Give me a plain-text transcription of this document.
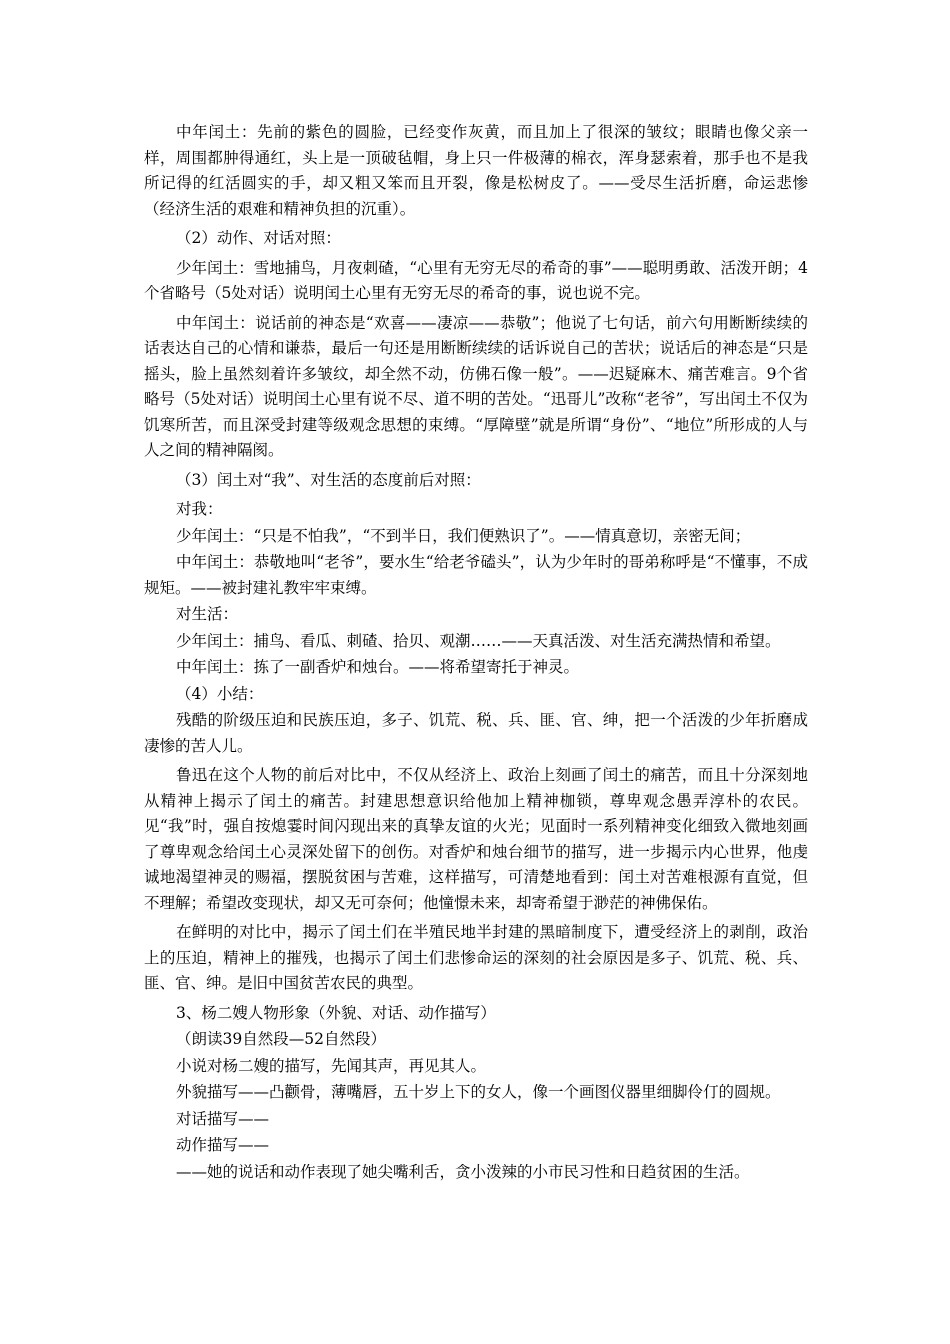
中年闰土：先前的紫色的圆脸，已经变作灰黄，而且加上了很深的皱纹；眼睛也像父亲一样，周围都肿得通红，头上是一顶破毡帽，身上只一件极薄的棉衣，浑身瑟索着，那手也不是我所记得的红活圆实的手，却又粗又笨而且开裂，像是松树皮了。——受尽生活折磨，命运悲惨（经济生活的艰难和精神负担的沉重）。

（2）动作、对话对照：

少年闰土：雪地捕鸟，月夜刺碴，“心里有无穷无尽的希奇的事”——聪明勇敢、活泼开朗；4个省略号（5处对话）说明闰土心里有无穷无尽的希奇的事，说也说不完。

中年闰土：说话前的神态是“欢喜——凄凉——恭敬”；他说了七句话，前六句用断断续续的话表达自己的心情和谦恭，最后一句还是用断断续续的话诉说自己的苦状；说话后的神态是“只是摇头，脸上虽然刻着许多皱纹，却全然不动，仿佛石像一般”。——迟疑麻木、痛苦难言。9个省略号（5处对话）说明闰土心里有说不尽、道不明的苦处。“迅哥儿”改称“老爷”，写出闰土不仅为饥寒所苦，而且深受封建等级观念思想的束缚。“厚障壁”就是所谓“身份”、“地位”所形成的人与人之间的精神隔阂。

（3）闰土对“我”、对生活的态度前后对照：

对我：

少年闰土：“只是不怕我”，“不到半日，我们便熟识了”。——情真意切，亲密无间；

中年闰土：恭敬地叫“老爷”，要水生“给老爷磕头”，认为少年时的哥弟称呼是“不懂事，不成规矩。——被封建礼教牢牢束缚。

对生活：

少年闰土：捕鸟、看瓜、刺碴、拾贝、观潮……——天真活泼、对生活充满热情和希望。

中年闰土：拣了一副香炉和烛台。——将希望寄托于神灵。

（4）小结：

残酷的阶级压迫和民族压迫，多子、饥荒、税、兵、匪、官、绅，把一个活泼的少年折磨成凄惨的苦人儿。

鲁迅在这个人物的前后对比中，不仅从经济上、政治上刻画了闰土的痛苦，而且十分深刻地从精神上揭示了闰土的痛苦。封建思想意识给他加上精神枷锁，尊卑观念愚弄淳朴的农民。见“我”时，强自按熄霎时间闪现出来的真挚友谊的火光；见面时一系列精神变化细致入微地刻画了尊卑观念给闰土心灵深处留下的创伤。对香炉和烛台细节的描写，进一步揭示内心世界，他虔诚地渴望神灵的赐福，摆脱贫困与苦难，这样描写，可清楚地看到：闰土对苦难根源有直觉，但不理解；希望改变现状，却又无可奈何；他憧憬未来，却寄希望于渺茫的神佛保佑。

在鲜明的对比中，揭示了闰土们在半殖民地半封建的黑暗制度下，遭受经济上的剥削，政治上的压迫，精神上的摧残，也揭示了闰土们悲惨命运的深刻的社会原因是多子、饥荒、税、兵、匪、官、绅。是旧中国贫苦农民的典型。

3、杨二嫂人物形象（外貌、对话、动作描写）

（朗读39自然段—52自然段）

小说对杨二嫂的描写，先闻其声，再见其人。

外貌描写——凸颧骨，薄嘴唇，五十岁上下的女人，像一个画图仪器里细脚伶仃的圆规。

对话描写——

动作描写——

——她的说话和动作表现了她尖嘴利舌，贪小泼辣的小市民习性和日趋贫困的生活。
